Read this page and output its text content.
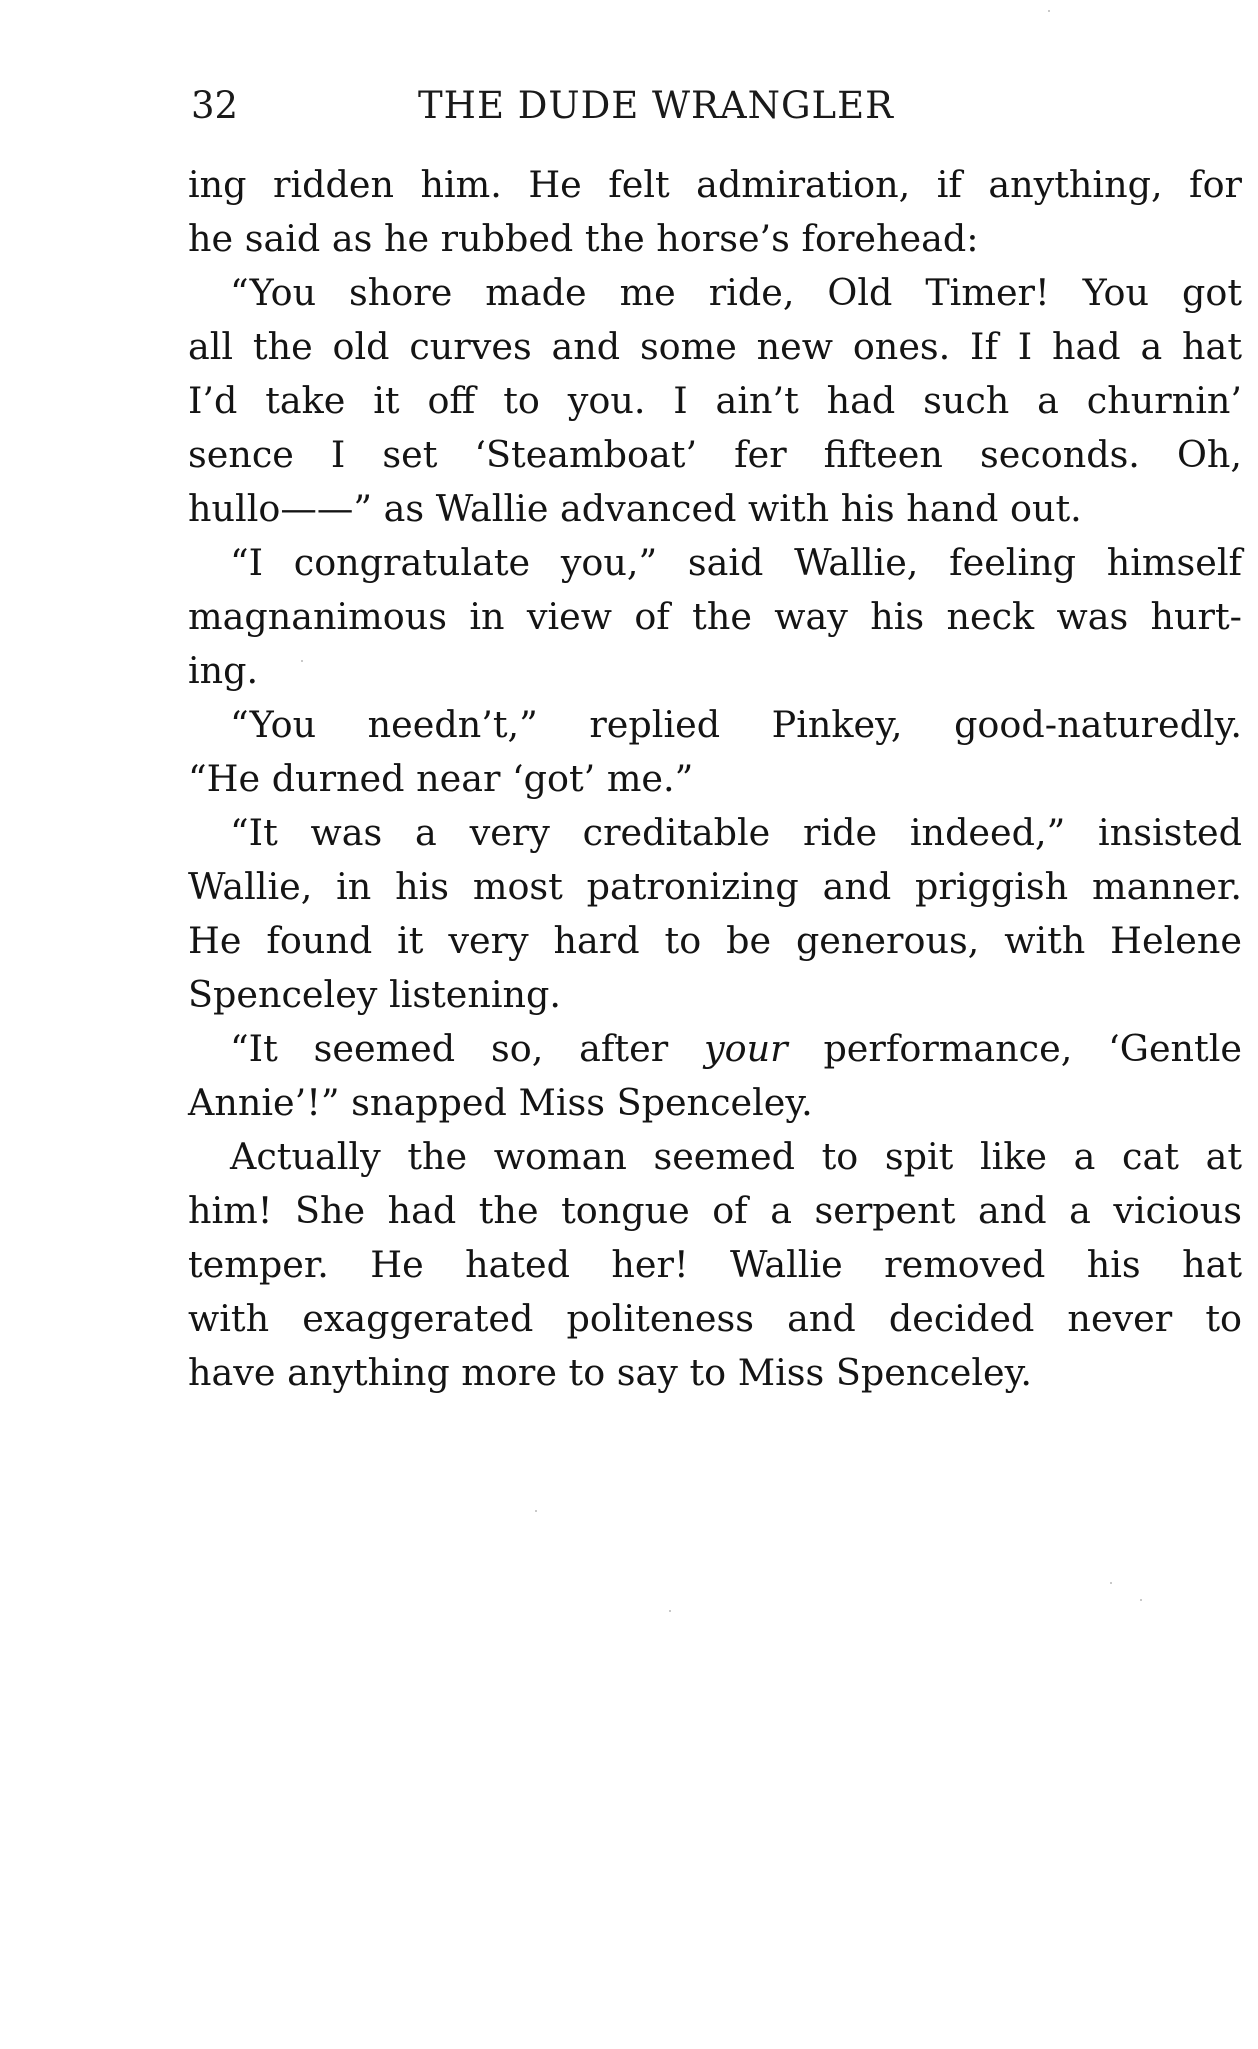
32	THE DUDE WRANGLER
ing ridden him. He felt admiration, if anything, for
he said as he rubbed the horse’s forehead:
“You shore made me ride, Old Timer! You got
all the old curves and some new ones. If I had a hat
I’d take it off to you. I ain’t had such a churnin’
sence I set ‘Steamboat’ fer fifteen seconds. Oh,
hullo——” as Wallie advanced with his hand out.
“I congratulate you,” said Wallie, feeling himself
magnanimous in view of the way his neck was hurt-
ing.
“You needn’t,” replied Pinkey, good-naturedly.
“He durned near ‘got’ me.”
“It was a very creditable ride indeed,” insisted
Wallie, in his most patronizing and priggish manner.
He found it very hard to be generous, with Helene
Spenceley listening.
“It seemed so, after your performance, ‘Gentle
Annie’!” snapped Miss Spenceley.
Actually the woman seemed to spit like a cat at
him! She had the tongue of a serpent and a vicious
temper. He hated her! Wallie removed his hat
with exaggerated politeness and decided never to
have anything more to say to Miss Spenceley.
